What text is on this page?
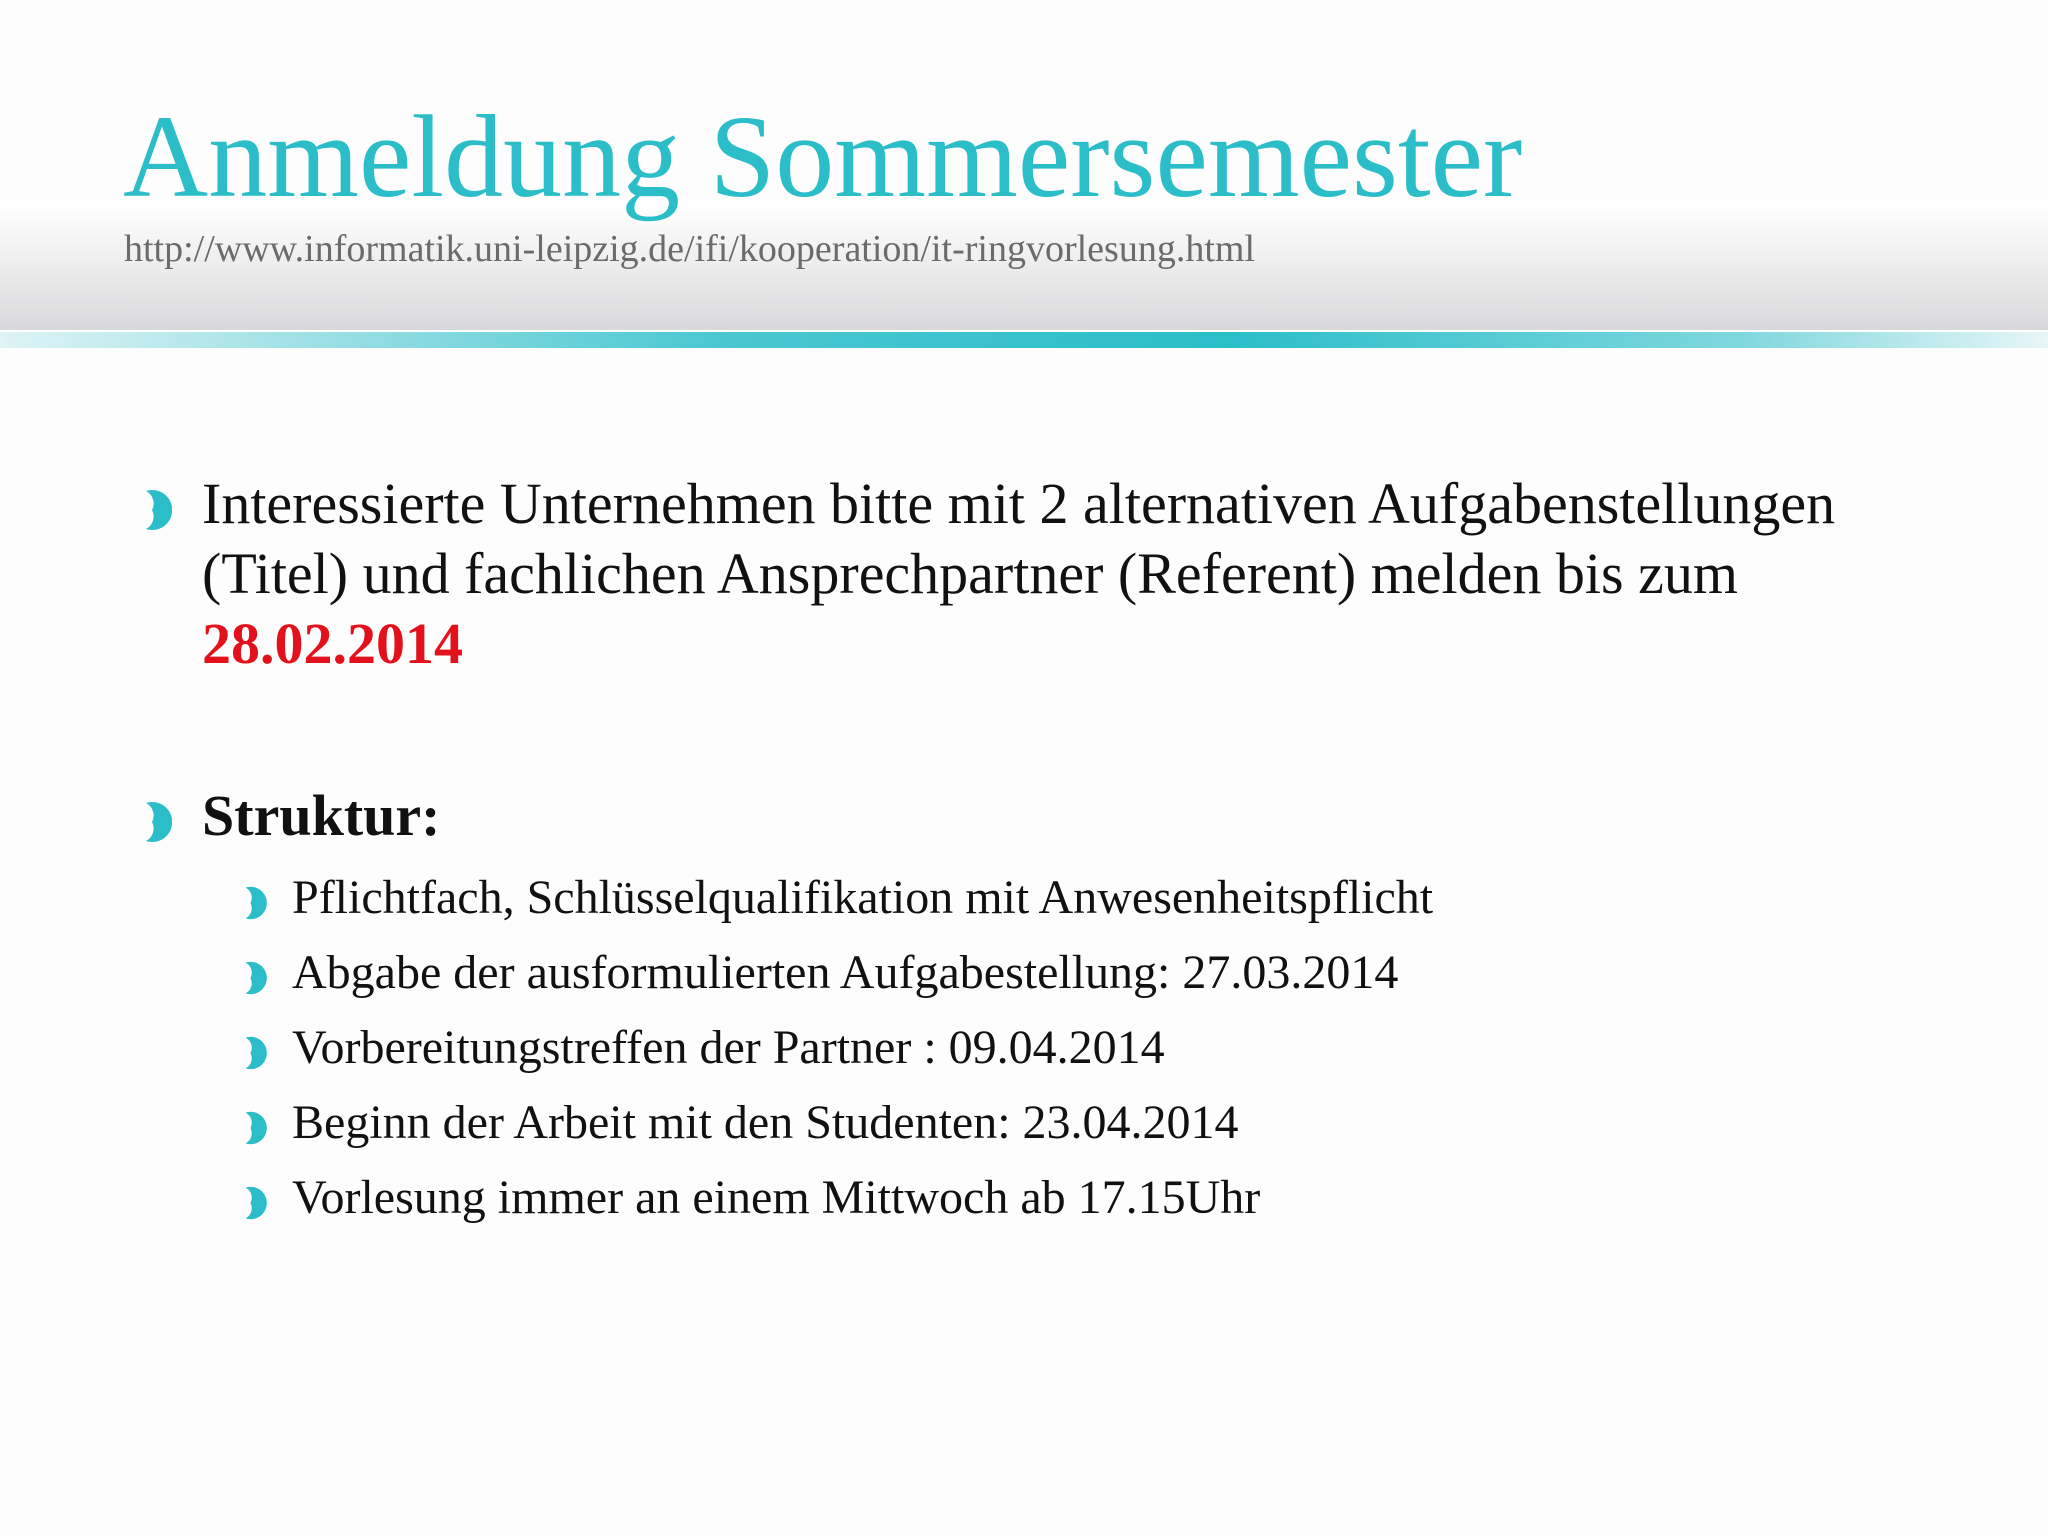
Anmeldung Sommersemester
http://www.informatik.uni-leipzig.de/ifi/kooperation/it-ringvorlesung.html
Interessierte Unternehmen bitte mit 2 alternativen Aufgabenstellungen (Titel) und fachlichen Ansprechpartner (Referent) melden bis zum 28.02.2014
Struktur:
Pflichtfach, Schlüsselqualifikation mit Anwesenheitspflicht
Abgabe der ausformulierten Aufgabestellung: 27.03.2014
Vorbereitungstreffen der Partner : 09.04.2014
Beginn der Arbeit mit den Studenten: 23.04.2014
Vorlesung immer an einem Mittwoch ab 17.15Uhr
